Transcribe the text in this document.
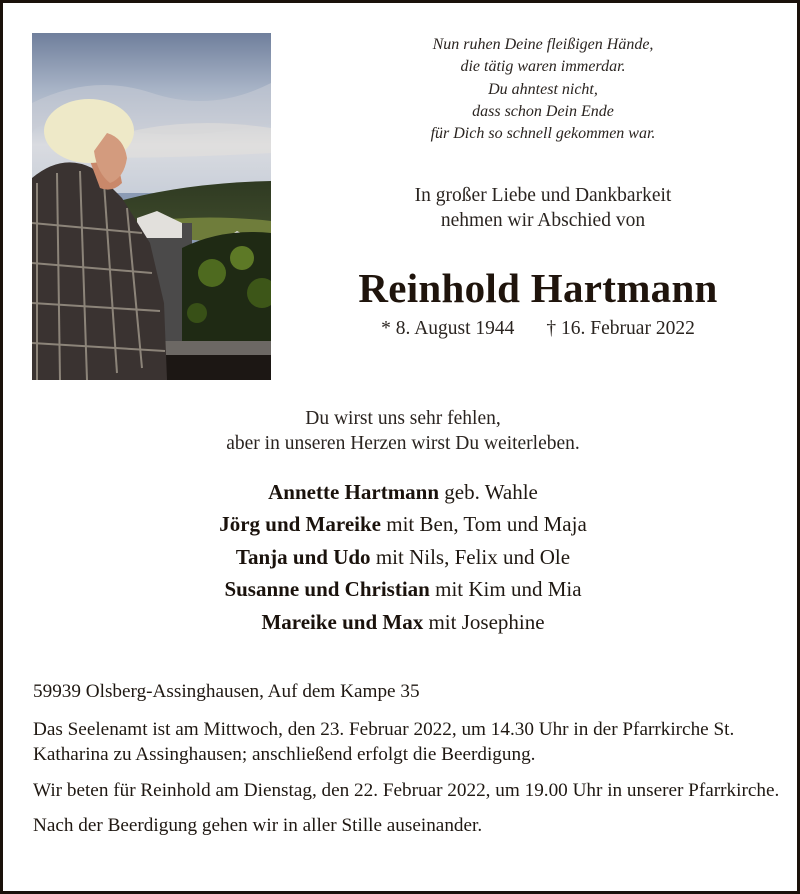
Nun ruhen Deine fleißigen Hände,
die tätig waren immerdar.
Du ahntest nicht,
dass schon Dein Ende
für Dich so schnell gekommen war.
In großer Liebe und Dankbarkeit
nehmen wir Abschied von
Reinhold Hartmann
* 8. August 1944 † 16. Februar 2022
Du wirst uns sehr fehlen,
aber in unseren Herzen wirst Du weiterleben.
Annette Hartmann geb. Wahle
Jörg und Mareike mit Ben, Tom und Maja
Tanja und Udo mit Nils, Felix und Ole
Susanne und Christian mit Kim und Mia
Mareike und Max mit Josephine

59939 Olsberg-Assinghausen, Auf dem Kampe 35

Das Seelenamt ist am Mittwoch, den 23. Februar 2022, um 14.30 Uhr in der Pfarrkirche St. Katharina zu Assinghausen; anschließend erfolgt die Beerdigung.

Wir beten für Reinhold am Dienstag, den 22. Februar 2022, um 19.00 Uhr in unserer Pfarrkirche.

Nach der Beerdigung gehen wir in aller Stille auseinander.
